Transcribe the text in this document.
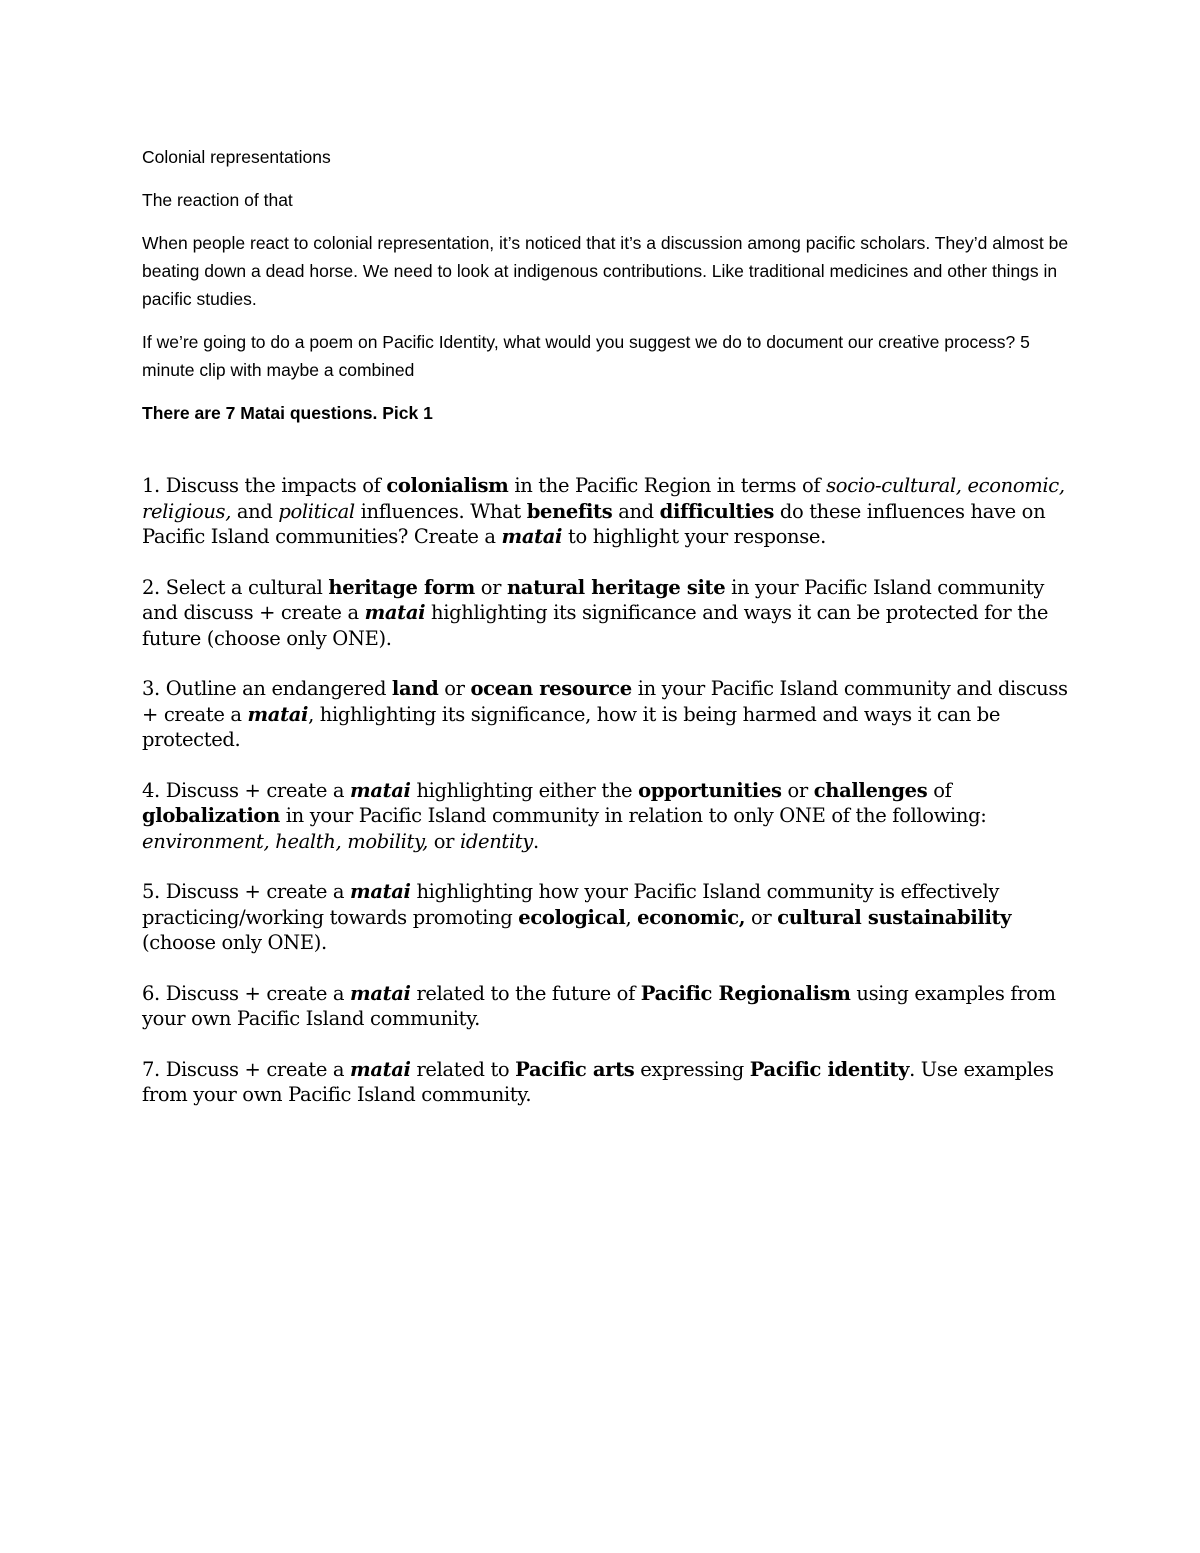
Colonial representations

The reaction of that

When people react to colonial representation, it’s noticed that it’s a discussion among pacific scholars. They’d almost be beating down a dead horse. We need to look at indigenous contributions. Like traditional medicines and other things in pacific studies.

If we’re going to do a poem on Pacific Identity, what would you suggest we do to document our creative process? 5 minute clip with maybe a combined

There are 7 Matai questions. Pick 1

1. Discuss the impacts of colonialism in the Pacific Region in terms of socio-cultural, economic, religious, and political influences. What benefits and difficulties do these influences have on Pacific Island communities? Create a matai to highlight your response.

2. Select a cultural heritage form or natural heritage site in your Pacific Island community and discuss + create a matai highlighting its significance and ways it can be protected for the future (choose only ONE).

3. Outline an endangered land or ocean resource in your Pacific Island community and discuss + create a matai, highlighting its significance, how it is being harmed and ways it can be protected.

4. Discuss + create a matai highlighting either the opportunities or challenges of globalization in your Pacific Island community in relation to only ONE of the following: environment, health, mobility, or identity.

5. Discuss + create a matai highlighting how your Pacific Island community is effectively practicing/working towards promoting ecological, economic, or cultural sustainability (choose only ONE).

6. Discuss + create a matai related to the future of Pacific Regionalism using examples from your own Pacific Island community.

7. Discuss + create a matai related to Pacific arts expressing Pacific identity. Use examples from your own Pacific Island community.
